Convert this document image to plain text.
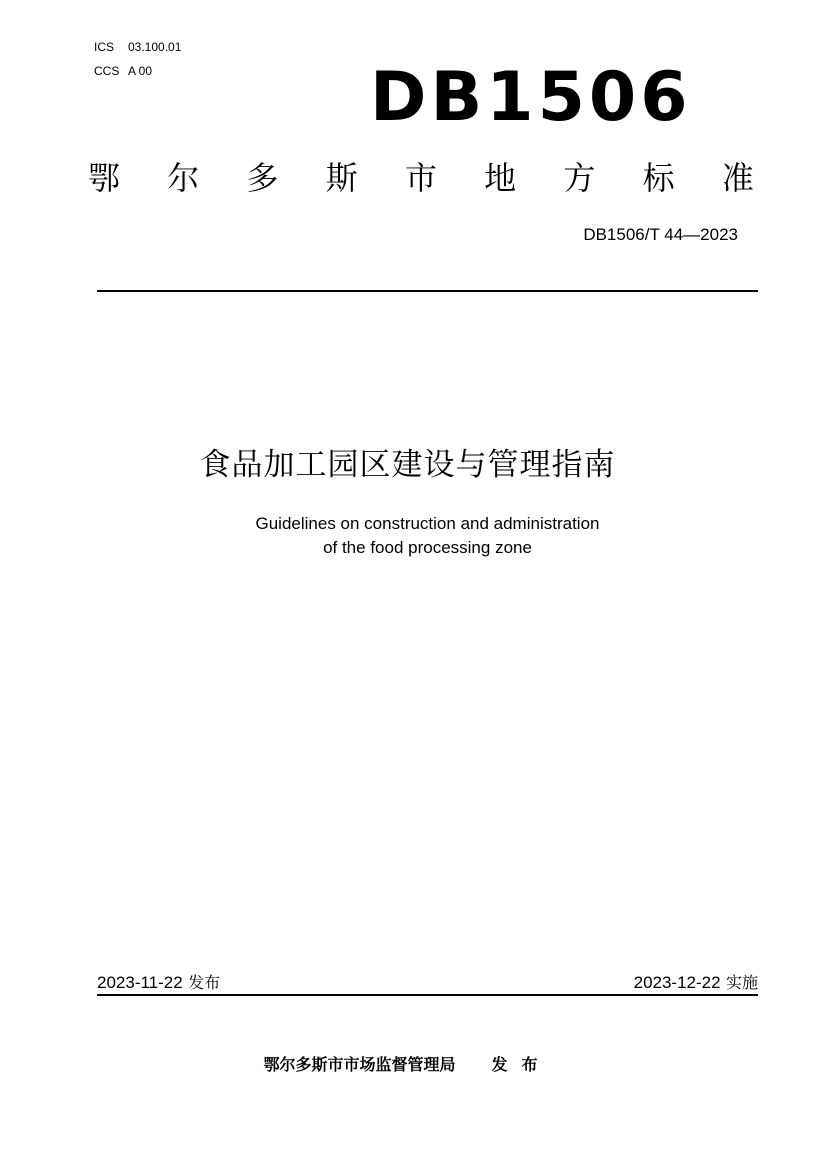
ICS 03.100.01
CCS A 00	DB1506
鄂 尔 多 斯 市 地 方 标 准
DB1506/T 44—2023
食品加工园区建设与管理指南
Guidelines on construction and administration
of the food processing zone
2023-11-22 发布	2023-12-22 实施
鄂尔多斯市市场监督管理局 发布
